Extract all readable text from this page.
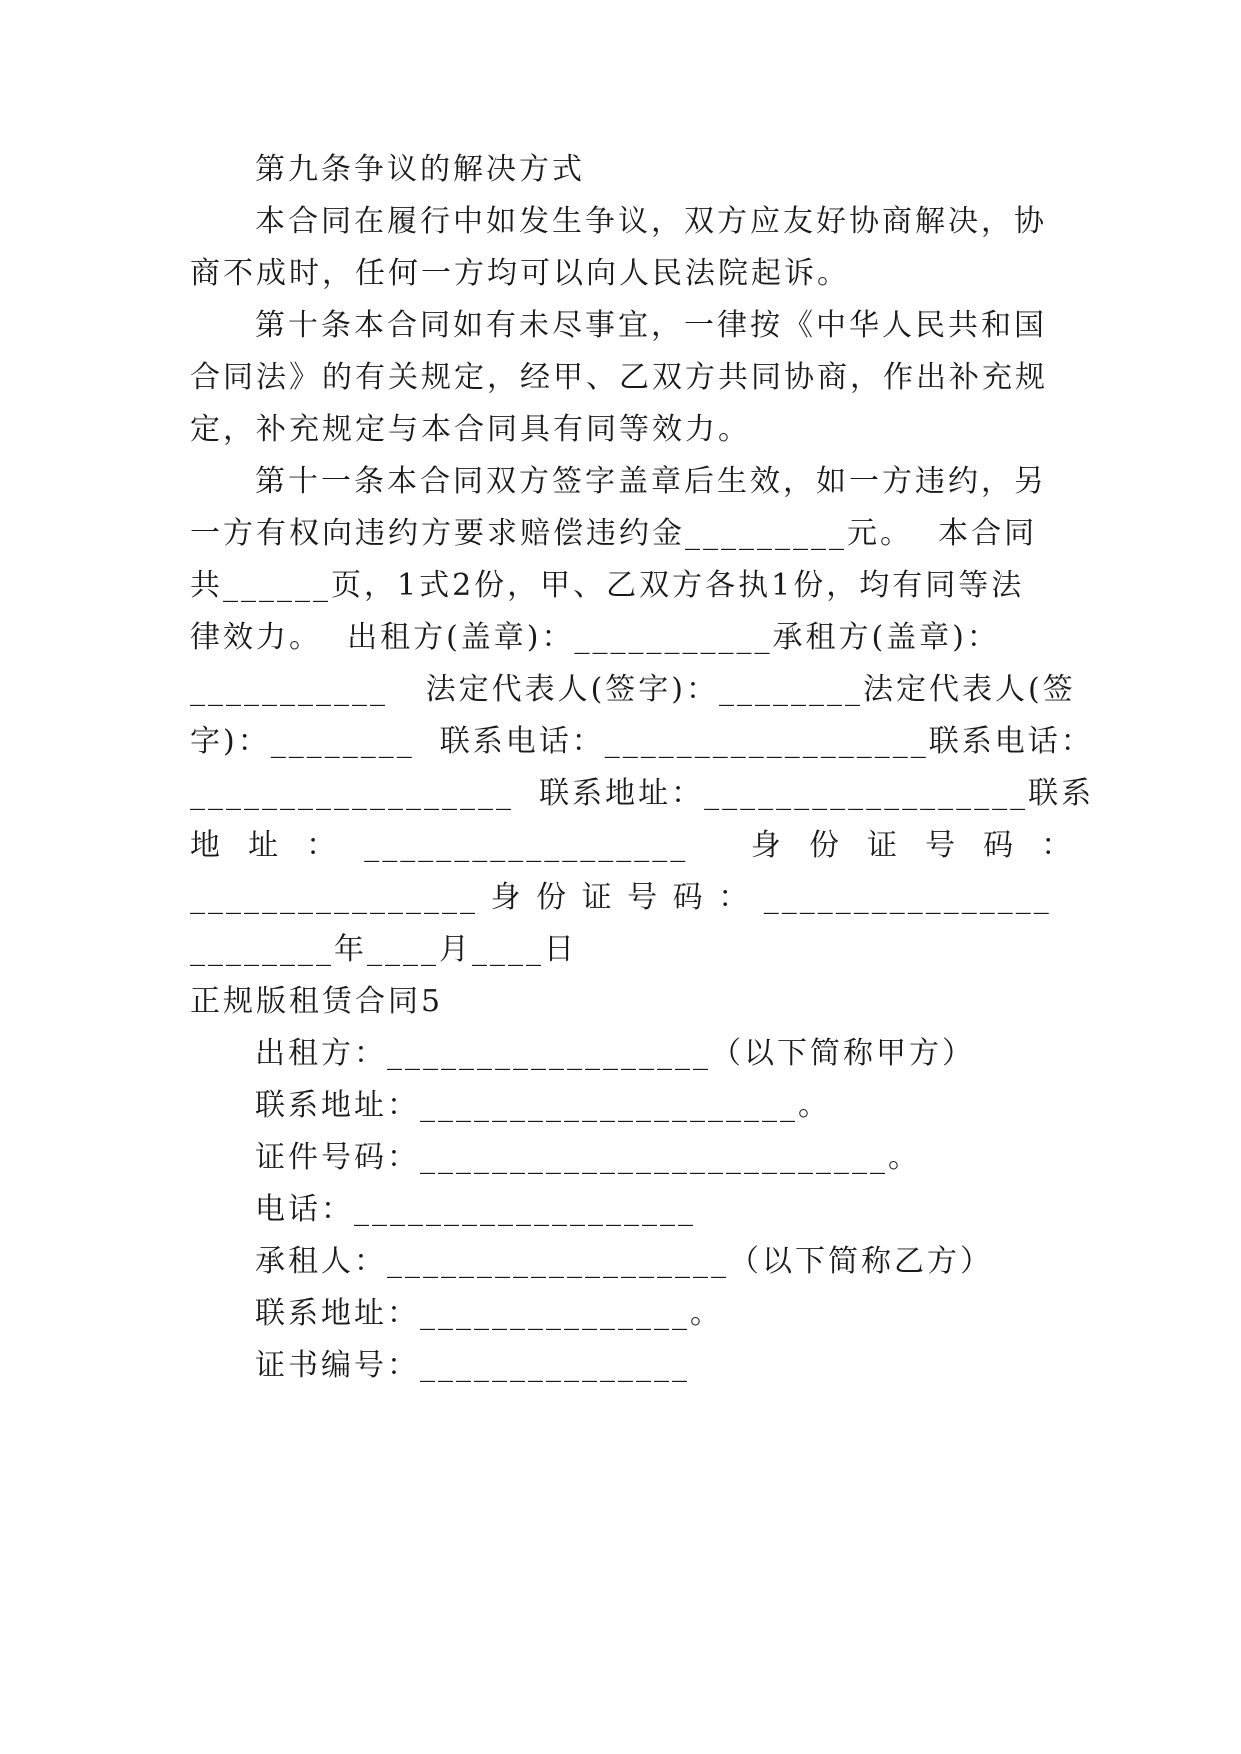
第九条争议的解决方式
本合同在履行中如发生争议，双方应友好协商解决，协
商不成时，任何一方均可以向人民法院起诉。
第十条本合同如有未尽事宜，一律按《中华人民共和国
合同法》的有关规定，经甲、乙双方共同协商，作出补充规
定，补充规定与本合同具有同等效力。
第十一条本合同双方签字盖章后生效，如一方违约，另
一方有权向违约方要求赔偿违约金_________元。  本合同
共______页，1式2份，甲、乙双方各执1份，均有同等法
律效力。  出租方(盖章)：___________承租方(盖章)：
___________   法定代表人(签字)：________法定代表人(签
字)：________  联系电话：__________________联系电话：
__________________  联系地址：__________________联系
地  址  ：  __________________     身  份  证  号  码  ：
________________ 身 份 证 号 码 ： ________________
________年____月____日
正规版租赁合同5
出租方：__________________（以下简称甲方）
联系地址：_____________________。
证件号码：__________________________。
电话：___________________
承租人：___________________（以下简称乙方）
联系地址：_______________。
证书编号：_______________
